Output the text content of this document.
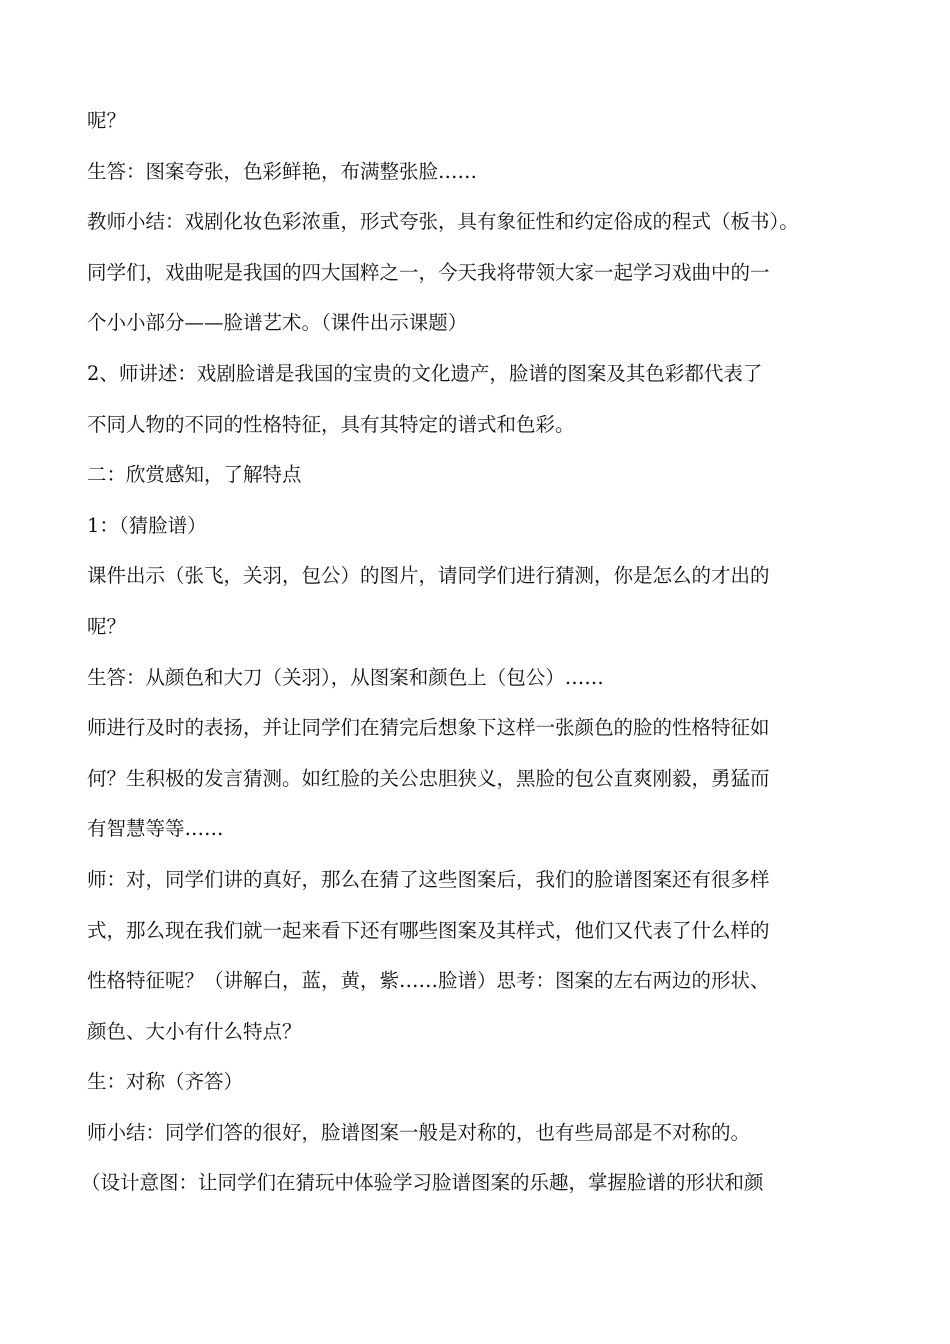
呢？
生答：图案夸张，色彩鲜艳，布满整张脸……
教师小结：戏剧化妆色彩浓重，形式夸张，具有象征性和约定俗成的程式（板书）。
同学们，戏曲呢是我国的四大国粹之一，今天我将带领大家一起学习戏曲中的一
个小小部分——脸谱艺术。（课件出示课题）
2、师讲述：戏剧脸谱是我国的宝贵的文化遗产，脸谱的图案及其色彩都代表了
不同人物的不同的性格特征，具有其特定的谱式和色彩。
二：欣赏感知，了解特点
1：（猜脸谱）
课件出示（张飞，关羽，包公）的图片，请同学们进行猜测，你是怎么的才出的
呢？
生答：从颜色和大刀（关羽），从图案和颜色上（包公）……
师进行及时的表扬，并让同学们在猜完后想象下这样一张颜色的脸的性格特征如
何？生积极的发言猜测。如红脸的关公忠胆狭义，黑脸的包公直爽刚毅，勇猛而
有智慧等等……
师：对，同学们讲的真好，那么在猜了这些图案后，我们的脸谱图案还有很多样
式，那么现在我们就一起来看下还有哪些图案及其样式，他们又代表了什么样的
性格特征呢？（讲解白，蓝，黄，紫……脸谱）思考：图案的左右两边的形状、
颜色、大小有什么特点？
生：对称（齐答）
师小结：同学们答的很好，脸谱图案一般是对称的，也有些局部是不对称的。
（设计意图：让同学们在猜玩中体验学习脸谱图案的乐趣，掌握脸谱的形状和颜
